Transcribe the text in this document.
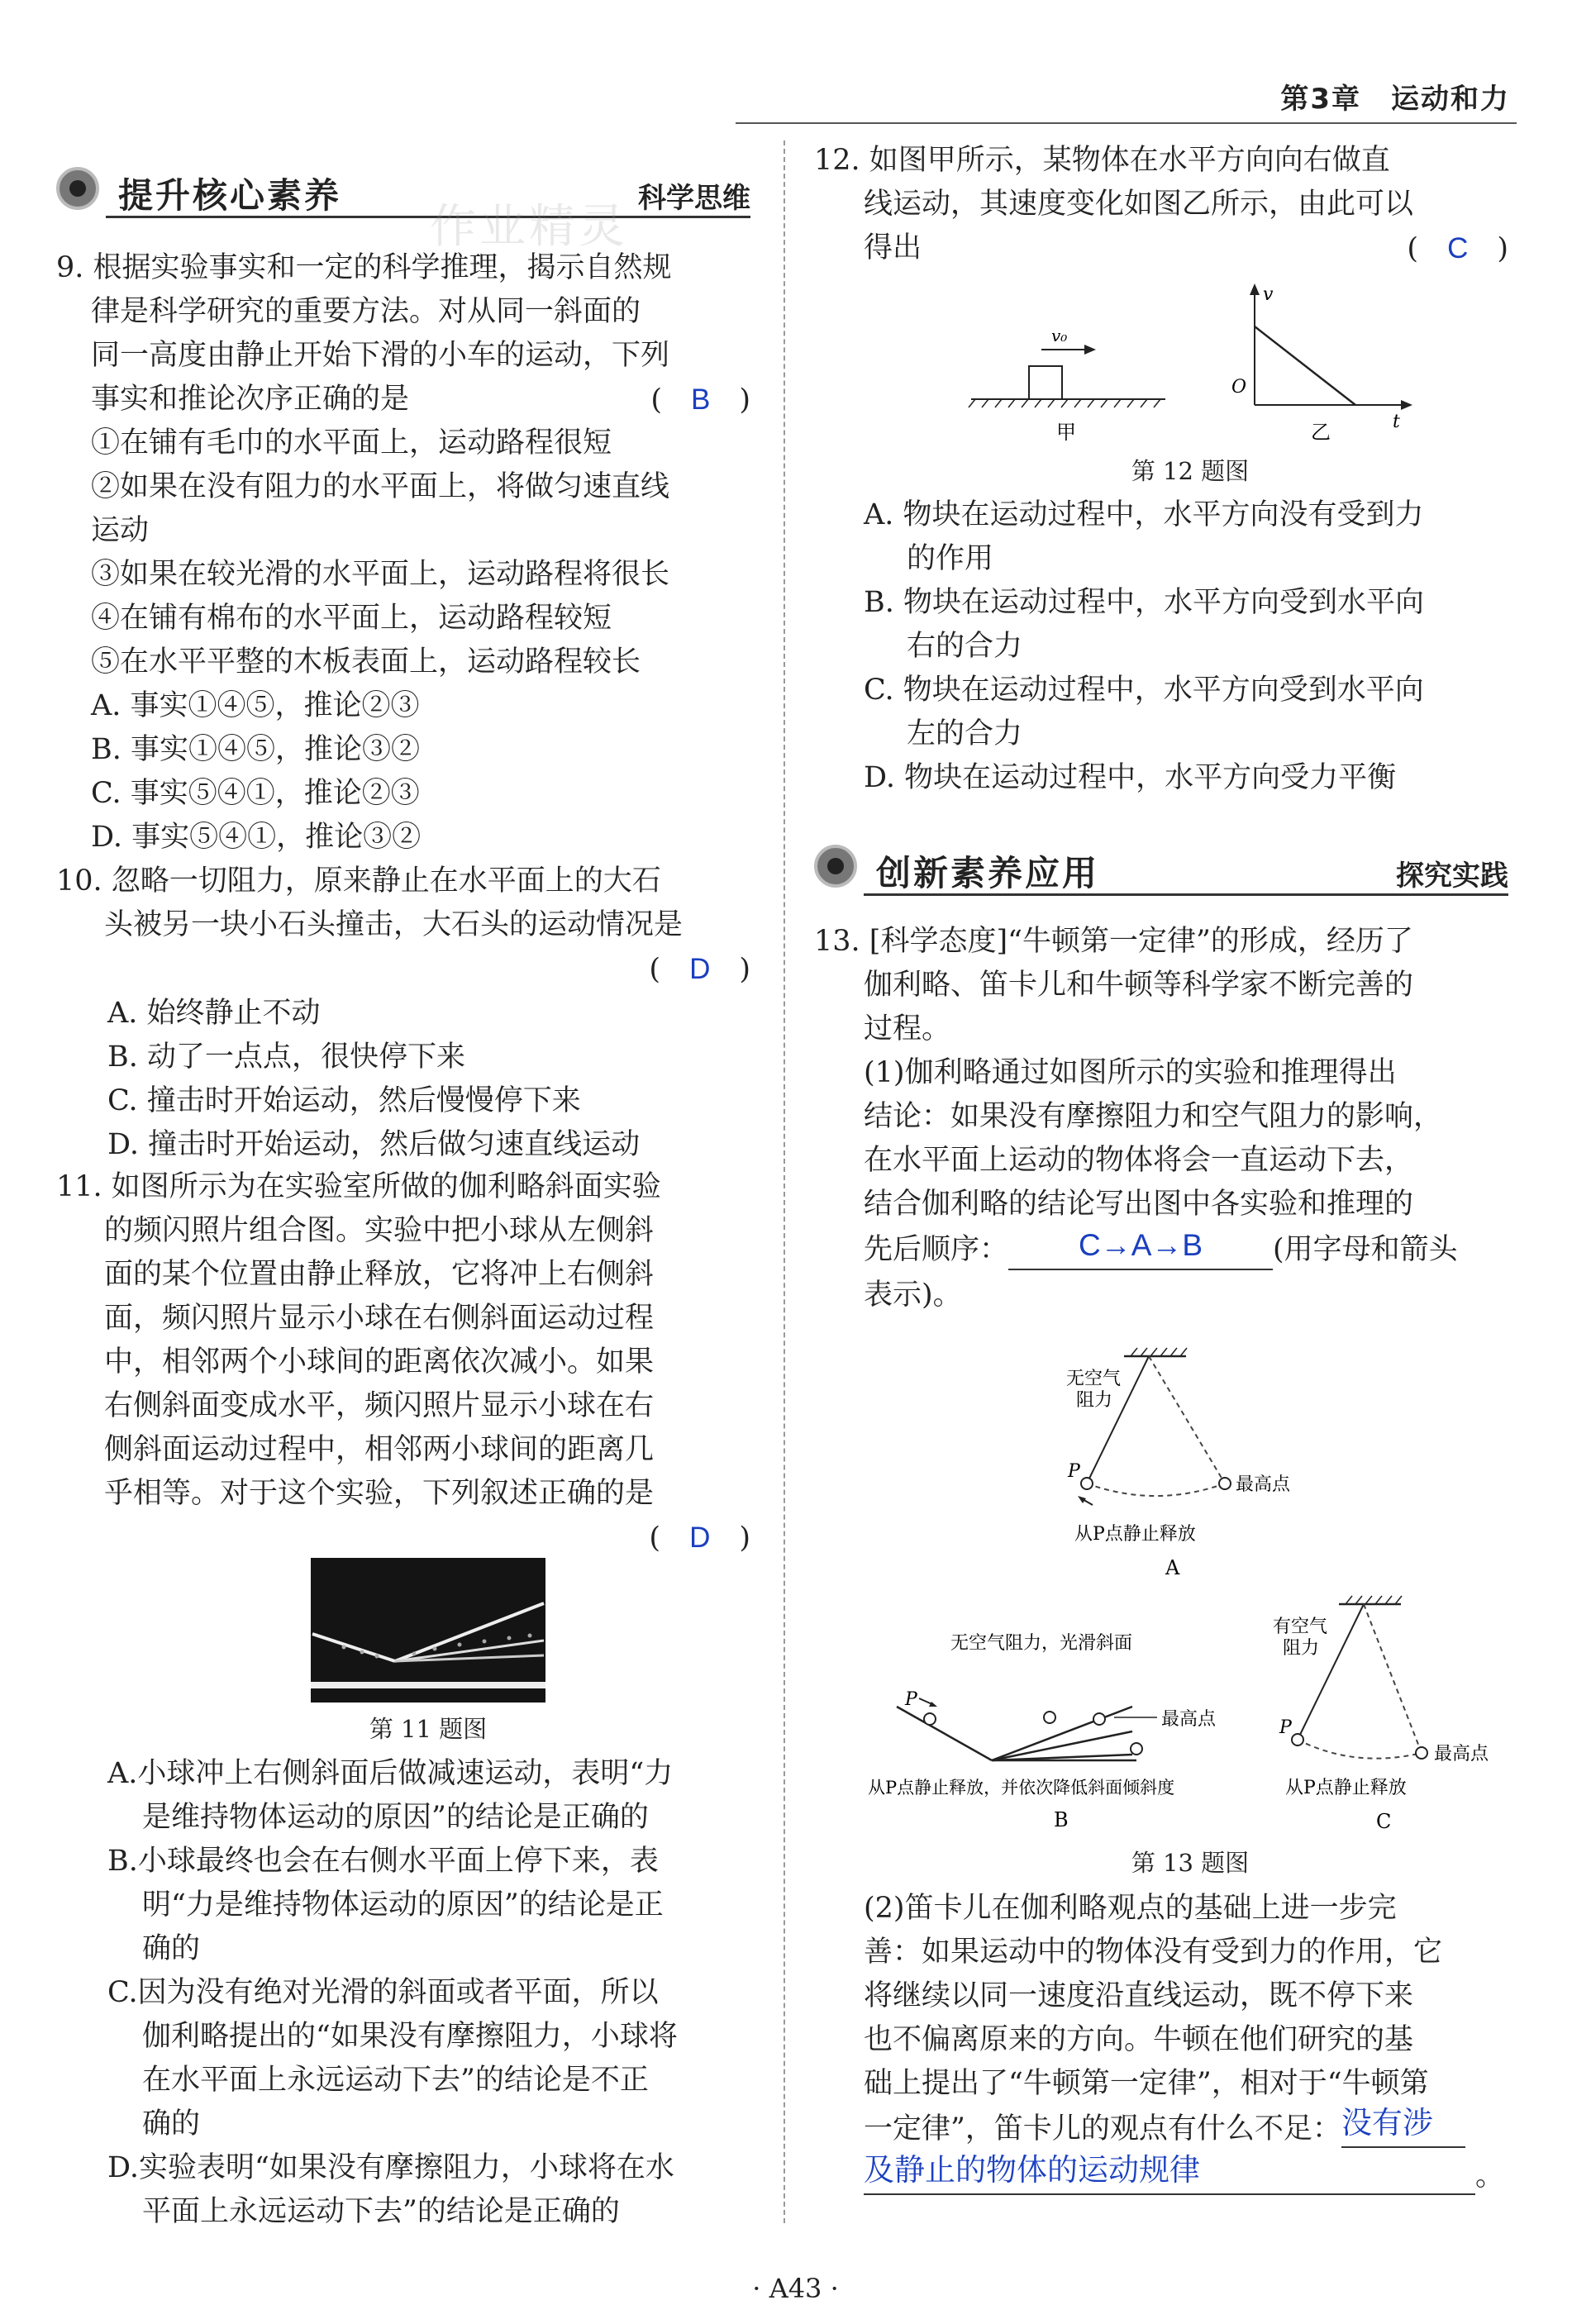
第3章　运动和力
提升核心素养	科学思维
作业精灵
9. 根据实验事实和一定的科学推理，揭示自然规
律是科学研究的重要方法。对从同一斜面的
同一高度由静止开始下滑的小车的运动，下列
事实和推论次序正确的是	(　B　)
①在铺有毛巾的水平面上，运动路程很短
②如果在没有阻力的水平面上，将做匀速直线
运动
③如果在较光滑的水平面上，运动路程将很长
④在铺有棉布的水平面上，运动路程较短
⑤在水平平整的木板表面上，运动路程较长
A. 事实①④⑤，推论②③
B. 事实①④⑤，推论③②
C. 事实⑤④①，推论②③
D. 事实⑤④①，推论③②
10. 忽略一切阻力，原来静止在水平面上的大石
头被另一块小石头撞击，大石头的运动情况是
(　D　)
A. 始终静止不动
B. 动了一点点，很快停下来
C. 撞击时开始运动，然后慢慢停下来
D. 撞击时开始运动，然后做匀速直线运动
11. 如图所示为在实验室所做的伽利略斜面实验
的频闪照片组合图。实验中把小球从左侧斜
面的某个位置由静止释放，它将冲上右侧斜
面，频闪照片显示小球在右侧斜面运动过程
中，相邻两个小球间的距离依次减小。如果
右侧斜面变成水平，频闪照片显示小球在右
侧斜面运动过程中，相邻两小球间的距离几
乎相等。对于这个实验，下列叙述正确的是
(　D　)
第 11 题图
A.小球冲上右侧斜面后做减速运动，表明“力
是维持物体运动的原因”的结论是正确的
B.小球最终也会在右侧水平面上停下来，表
明“力是维持物体运动的原因”的结论是正
确的
C.因为没有绝对光滑的斜面或者平面，所以
伽利略提出的“如果没有摩擦阻力，小球将
在水平面上永远运动下去”的结论是不正
确的
D.实验表明“如果没有摩擦阻力，小球将在水
平面上永远运动下去”的结论是正确的
12. 如图甲所示，某物体在水平方向向右做直
线运动，其速度变化如图乙所示，由此可以
得出	(　C　)
v₀
甲
v
O
t
乙
第 12 题图
A. 物块在运动过程中，水平方向没有受到力
的作用
B. 物块在运动过程中，水平方向受到水平向
右的合力
C. 物块在运动过程中，水平方向受到水平向
左的合力
D. 物块在运动过程中，水平方向受力平衡
创新素养应用	探究实践
13. [科学态度]“牛顿第一定律”的形成，经历了
伽利略、笛卡儿和牛顿等科学家不断完善的
过程。
(1)伽利略通过如图所示的实验和推理得出
结论：如果没有摩擦阻力和空气阻力的影响，
在水平面上运动的物体将会一直运动下去，
结合伽利略的结论写出图中各实验和推理的
先后顺序： C→A→B (用字母和箭头
表示)。
无空气
阻力
P
最高点
从P点静止释放
A
无空气阻力，光滑斜面
P
最高点
从P点静止释放，并依次降低斜面倾斜度
B
有空气
阻力
P
最高点
从P点静止释放
C
第 13 题图
(2)笛卡儿在伽利略观点的基础上进一步完
善：如果运动中的物体没有受到力的作用，它
将继续以同一速度沿直线运动，既不停下来
也不偏离原来的方向。牛顿在他们研究的基
础上提出了“牛顿第一定律”，相对于“牛顿第
一定律”，笛卡儿的观点有什么不足：没有涉
及静止的物体的运动规律	。
· A43 ·
